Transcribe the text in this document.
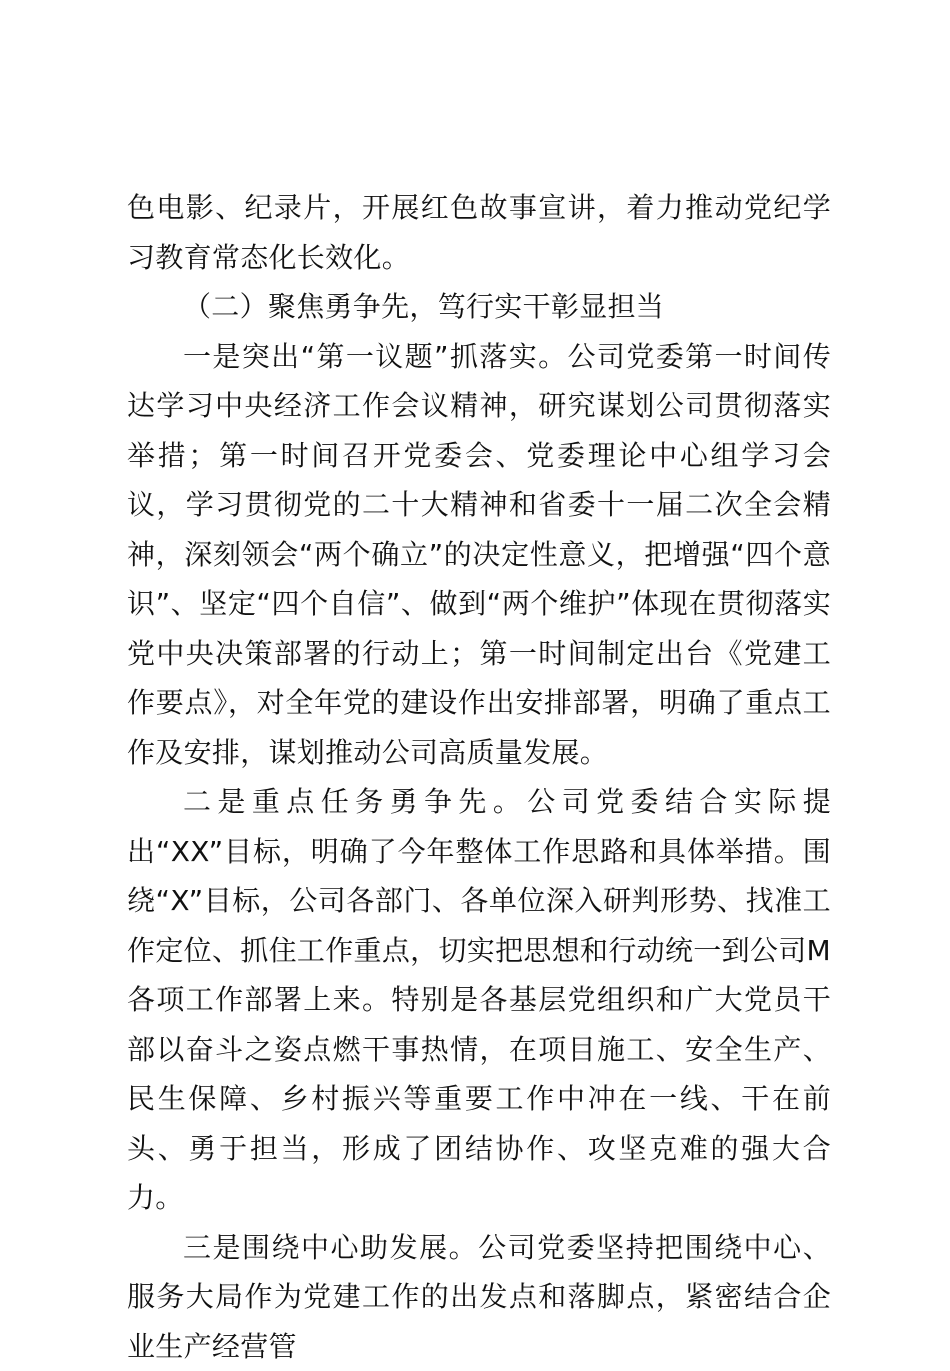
色电影、纪录片，开展红色故事宣讲，着力推动党纪学习教育常态化长效化。

（二）聚焦勇争先，笃行实干彰显担当

一是突出“第一议题”抓落实。公司党委第一时间传达学习中央经济工作会议精神，研究谋划公司贯彻落实举措；第一时间召开党委会、党委理论中心组学习会议，学习贯彻党的二十大精神和省委十一届二次全会精神，深刻领会“两个确立”的决定性意义，把增强“四个意识”、坚定“四个自信”、做到“两个维护”体现在贯彻落实党中央决策部署的行动上；第一时间制定出台《党建工作要点》，对全年党的建设作出安排部署，明确了重点工作及安排，谋划推动公司高质量发展。

二是重点任务勇争先。公司党委结合实际提出“XX”目标，明确了今年整体工作思路和具体举措。围绕“X”目标，公司各部门、各单位深入研判形势、找准工作定位、抓住工作重点，切实把思想和行动统一到公司M各项工作部署上来。特别是各基层党组织和广大党员干部以奋斗之姿点燃干事热情，在项目施工、安全生产、民生保障、乡村振兴等重要工作中冲在一线、干在前头、勇于担当，形成了团结协作、攻坚克难的强大合力。

三是围绕中心助发展。公司党委坚持把围绕中心、服务大局作为党建工作的出发点和落脚点，紧密结合企业生产经营管
